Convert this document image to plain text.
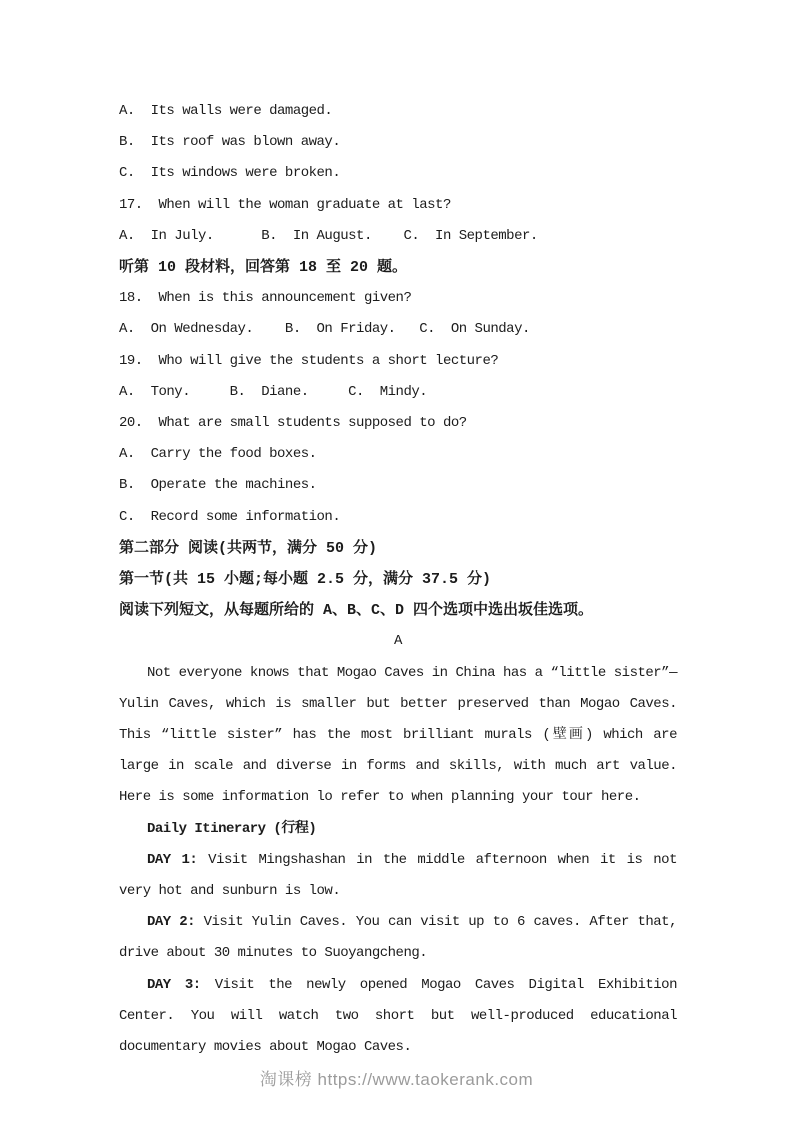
A.  Its walls were damaged.

B.  Its roof was blown away.

C.  Its windows were broken.

17.  When will the woman graduate at last?

A.  In July.      B.  In August.    C.  In September.

听第 10 段材料，回答第 18 至 20 题。

18.  When is this announcement given?

A.  On Wednesday.    B.  On Friday.   C.  On Sunday.

19.  Who will give the students a short lecture?

A.  Tony.     B.  Diane.     C.  Mindy.

20.  What are small students supposed to do?

A.  Carry the food boxes.

B.  Operate the machines.

C.  Record some information.

第二部分 阅读(共两节，满分 50 分)

第一节(共 15 小题;每小题 2.5 分，满分 37.5 分)

阅读下列短文，从每题所给的 A、B、C、D 四个选项中选出坂佳选项。

A

Not everyone knows that Mogao Caves in China has a “little sister”—Yulin Caves, which is smaller but better preserved than Mogao Caves. This “little sister” has the most brilliant murals (壁画) which are large in scale and diverse in forms and skills, with much art value. Here is some information lo refer to when planning your tour here.

Daily Itinerary (行程)

DAY 1: Visit Mingshashan in the middle afternoon when it is not very hot and sunburn is low.

DAY 2: Visit Yulin Caves. You can visit up to 6 caves. After that, drive about 30 minutes to Suoyangcheng.

DAY 3: Visit the newly opened Mogao Caves Digital Exhibition Center. You will watch two short but well-produced educational documentary movies about Mogao Caves.

淘课榜 https://www.taokerank.com
